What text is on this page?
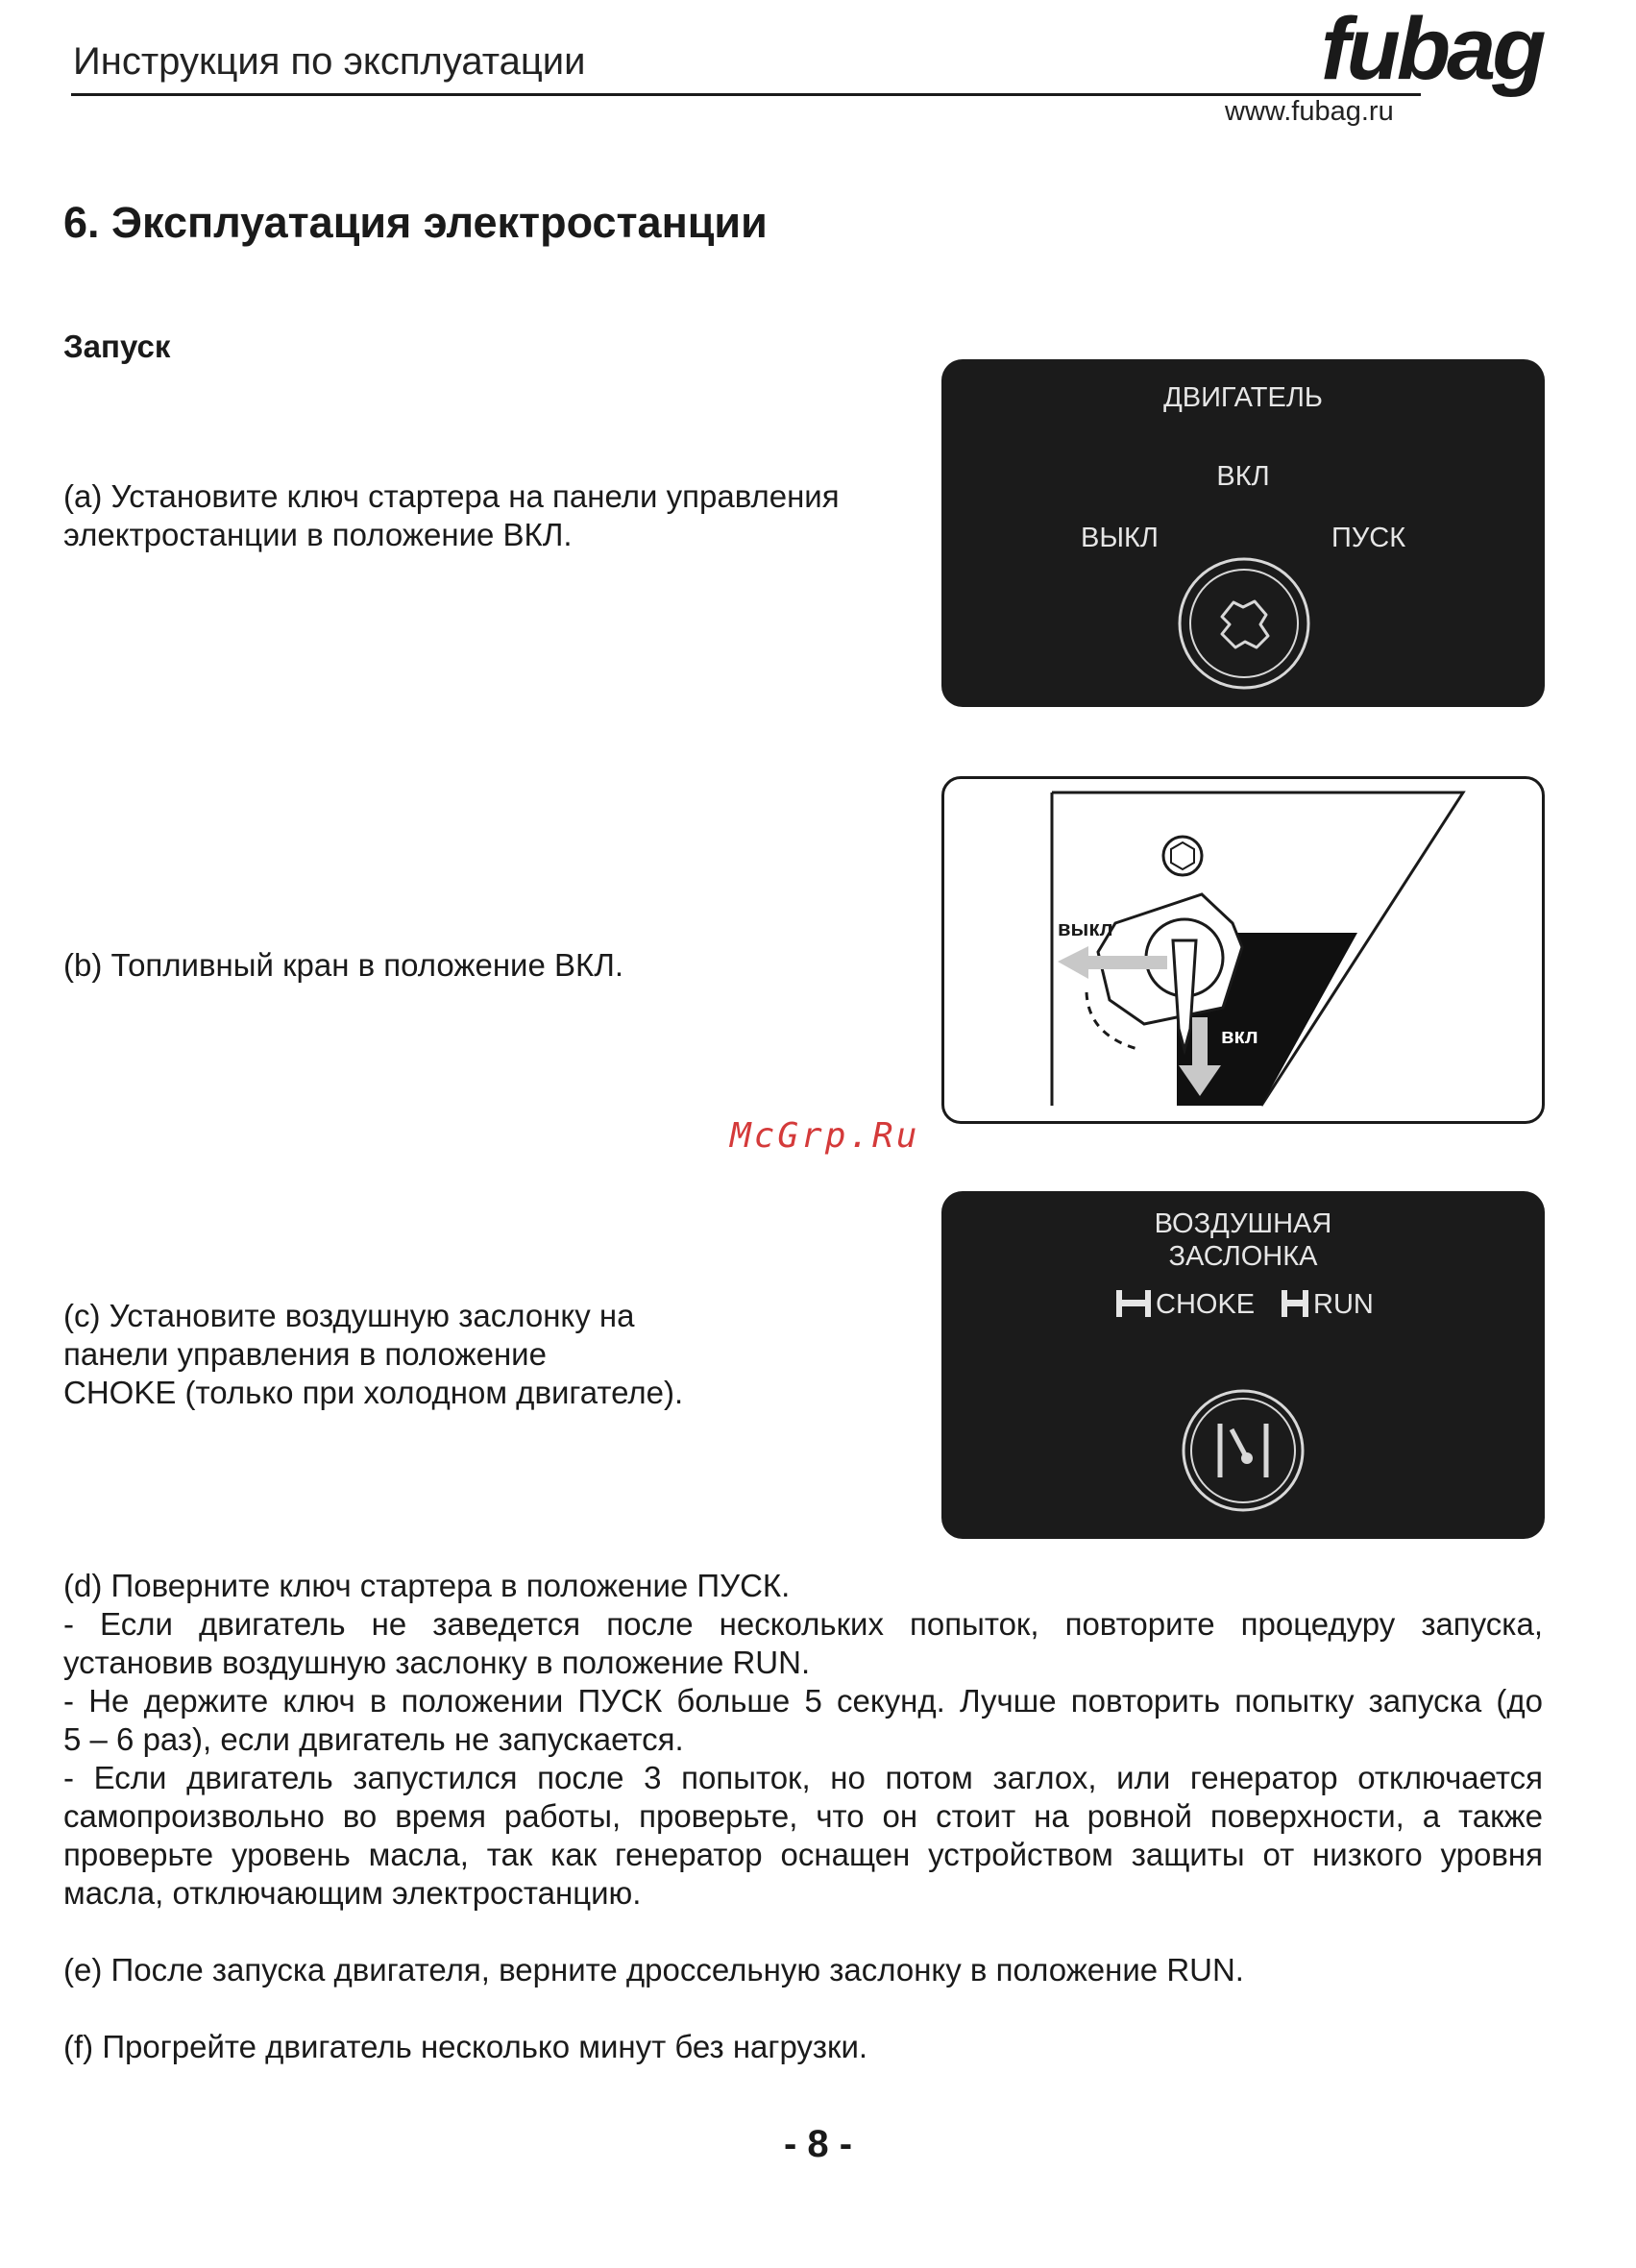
Инструкция по эксплуатации	fubag
www.fubag.ru
6. Эксплуатация электростанции
Запуск
(a) Установите ключ стартера на панели управления
электростанции в положение ВКЛ.
ДВИГАТЕЛЬ
ВКЛ
ВЫКЛ	ПУСК
(b) Топливный кран в положение ВКЛ.
выкл
вкл
McGrp.Ru
(c) Установите воздушную заслонку на
панели управления в положение
CHOKE (только при холодном двигателе).
ВОЗДУШНАЯ
ЗАСЛОНКА
CHOKE RUN
(d) Поверните ключ стартера в положение ПУСК.
- Если двигатель не заведется после нескольких попыток, повторите процедуру запуска,
установив воздушную заслонку в положение RUN.
- Не держите ключ в положении ПУСК больше 5 секунд. Лучше повторить попытку запуска (до
5 – 6 раз), если двигатель не запускается.
- Если двигатель запустился после 3 попыток, но потом заглох, или генератор отключается
самопроизвольно во время работы, проверьте, что он стоит на ровной поверхности, а также
проверьте уровень масла, так как генератор оснащен устройством защиты от низкого уровня
масла, отключающим электростанцию.
(e) После запуска двигателя, верните дроссельную заслонку в положение RUN.
(f) Прогрейте двигатель несколько минут без нагрузки.
- 8 -
